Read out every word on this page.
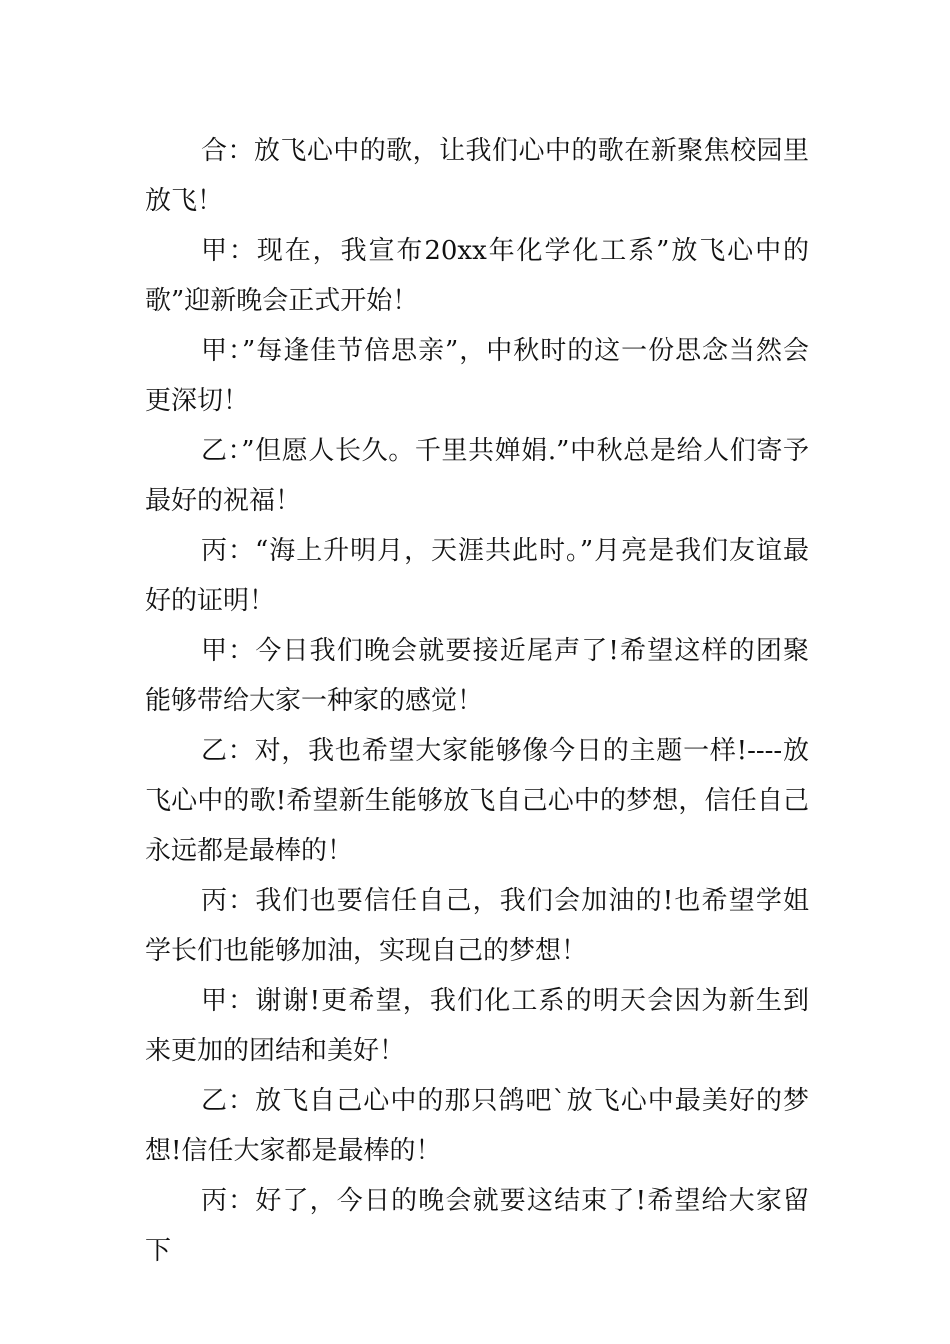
合：放飞心中的歌，让我们心中的歌在新聚焦校园里放飞！

甲：现在，我宣布20xx年化学化工系”放飞心中的歌”迎新晚会正式开始！

甲：”每逢佳节倍思亲”，中秋时的这一份思念当然会更深切！

乙：”但愿人长久。千里共婵娟.”中秋总是给人们寄予最好的祝福！

丙：“海上升明月，天涯共此时。”月亮是我们友谊最好的证明！

甲：今日我们晚会就要接近尾声了!希望这样的团聚能够带给大家一种家的感觉！

乙：对，我也希望大家能够像今日的主题一样!----放飞心中的歌!希望新生能够放飞自己心中的梦想，信任自己永远都是最棒的！

丙：我们也要信任自己，我们会加油的!也希望学姐学长们也能够加油，实现自己的梦想！

甲：谢谢!更希望，我们化工系的明天会因为新生到来更加的团结和美好！

乙：放飞自己心中的那只鸽吧`放飞心中最美好的梦想!信任大家都是最棒的！

丙：好了，今日的晚会就要这结束了!希望给大家留下
